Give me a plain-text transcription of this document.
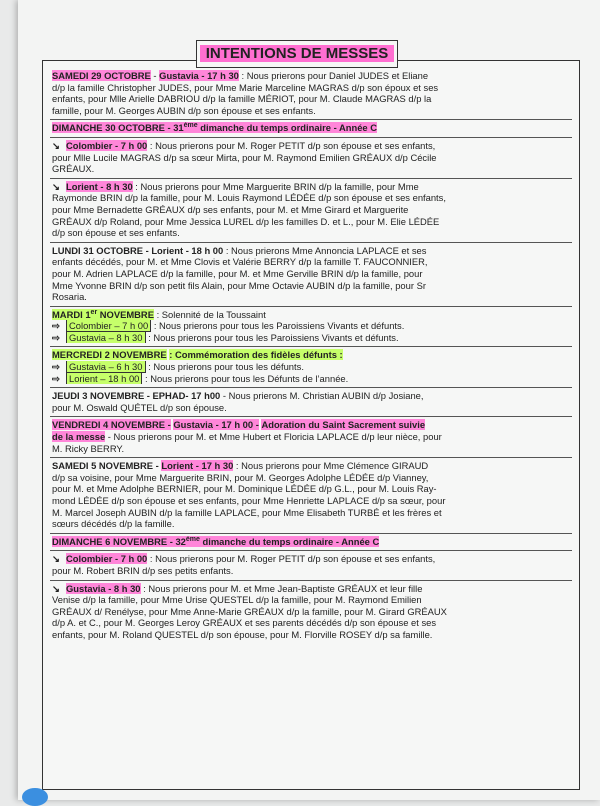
INTENTIONS DE MESSES
SAMEDI 29 OCTOBRE - Gustavia - 17 h 30 : Nous prierons pour Daniel JUDES et Eliane
d/p la famille Christopher JUDES, pour Mme Marie Marceline MAGRAS d/p son époux et ses
enfants, pour Mlle Arielle DABRIOU d/p la famille MÉRIOT, pour M. Claude MAGRAS d/p la
famille, pour M. Georges AUBIN d/p son épouse et ses enfants.
DIMANCHE 30 OCTOBRE - 31ème dimanche du temps ordinaire - Année C
↘ Colombier - 7 h 00 : Nous prierons pour M. Roger PETIT d/p son épouse et ses enfants,
pour Mlle Lucile MAGRAS d/p sa sœur Mirta, pour M. Raymond Emilien GRÉAUX d/p Cécile
GRÉAUX.
↘ Lorient - 8 h 30 : Nous prierons pour Mme Marguerite BRIN d/p la famille, pour Mme
Raymonde BRIN d/p la famille, pour M. Louis Raymond LÉDÉE d/p son épouse et ses enfants,
pour Mme Bernadette GRÉAUX d/p ses enfants, pour M. et Mme Girard et Marguerite
GRÉAUX d/p Roland, pour Mme Jessica LUREL d/p les familles D. et L., pour M. Elie LÉDÉE
d/p son épouse et ses enfants.
LUNDI 31 OCTOBRE - Lorient - 18 h 00 : Nous prierons Mme Annoncia LAPLACE et ses
enfants décédés, pour M. et Mme Clovis et Valérie BERRY d/p la famille T. FAUCONNIER,
pour M. Adrien LAPLACE d/p la famille, pour M. et Mme Gerville BRIN d/p la famille, pour
Mme Yvonne BRIN d/p son petit fils Alain, pour Mme Octavie AUBIN d/p la famille, pour Sr
Rosaria.
MARDI 1er NOVEMBRE : Solennité de la Toussaint
⇨ Colombier – 7 h 00 : Nous prierons pour tous les Paroissiens Vivants et défunts.
⇨ Gustavia – 8 h 30 : Nous prierons pour tous les Paroissiens Vivants et défunts.
MERCREDI 2 NOVEMBRE : Commémoration des fidèles défunts :
⇨ Gustavia – 6 h 30 : Nous prierons pour tous les défunts.
⇨ Lorient – 18 h 00 : Nous prierons pour tous les Défunts de l’année.
JEUDI 3 NOVEMBRE - EPHAD- 17 h00 - Nous prierons M. Christian AUBIN d/p Josiane,
pour M. Oswald QUÉTEL d/p son épouse.
VENDREDI 4 NOVEMBRE - Gustavia - 17 h 00 - Adoration du Saint Sacrement suivie
de la messe - Nous prierons pour M. et Mme Hubert et Floricia LAPLACE d/p leur nièce, pour
M. Ricky BERRY.
SAMEDI 5 NOVEMBRE - Lorient - 17 h 30 : Nous prierons pour Mme Clémence GIRAUD
d/p sa voisine, pour Mme Marguerite BRIN, pour M. Georges Adolphe LÉDÉE d/p Vianney,
pour M. et Mme Adolphe BERNIER, pour M. Dominique LÉDÉE d/p G.L., pour M. Louis Ray-
mond LÉDÉE d/p son épouse et ses enfants, pour Mme Henriette LAPLACE d/p sa sœur, pour
M. Marcel Joseph AUBIN d/p la famille LAPLACE, pour Mme Elisabeth TURBÉ et les frères et
sœurs décédés d/p la famille.
DIMANCHE 6 NOVEMBRE - 32ème dimanche du temps ordinaire - Année C
↘ Colombier - 7 h 00 : Nous prierons pour M. Roger PETIT d/p son épouse et ses enfants,
pour M. Robert BRIN d/p ses petits enfants.
↘ Gustavia - 8 h 30 : Nous prierons pour M. et Mme Jean-Baptiste GRÉAUX et leur fille
Venise d/p la famille, pour Mme Urise QUESTEL d/p la famille, pour M. Raymond Emilien
GRÉAUX d/ Renélyse, pour Mme Anne-Marie GRÉAUX d/p la famille, pour M. Girard GRÉAUX
d/p A. et C., pour M. Georges Leroy GRÉAUX et ses parents décédés d/p son épouse et ses
enfants, pour M. Roland QUESTEL d/p son épouse, pour M. Florville ROSEY d/p sa famille.
